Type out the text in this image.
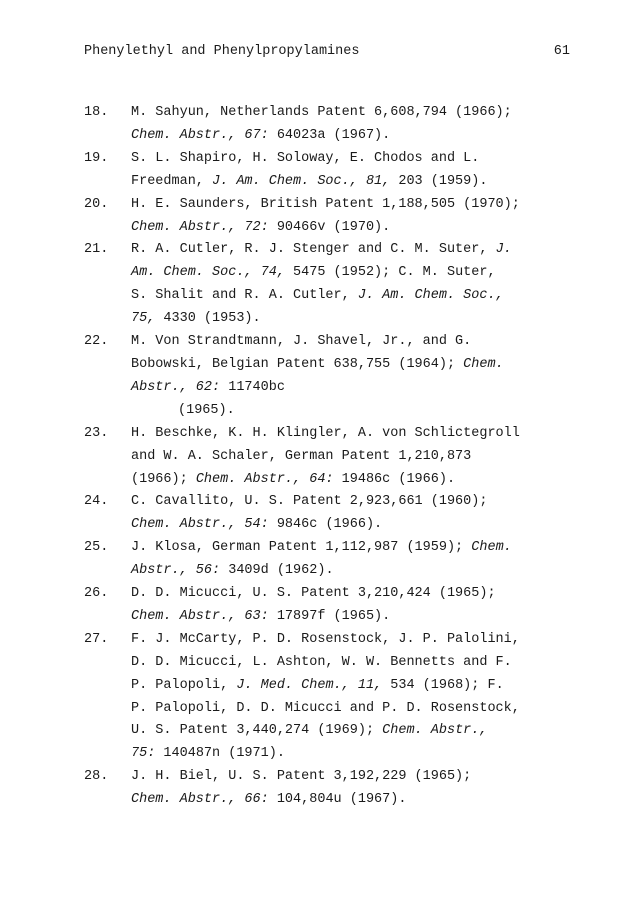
Phenylethyl and Phenylpropylamines	61
18. M. Sahyun, Netherlands Patent 6,608,794 (1966);
Chem. Abstr., 67: 64023a (1967).
19. S. L. Shapiro, H. Soloway, E. Chodos and L.
Freedman, J. Am. Chem. Soc., 81, 203 (1959).
20. H. E. Saunders, British Patent 1,188,505 (1970);
Chem. Abstr., 72: 90466v (1970).
21. R. A. Cutler, R. J. Stenger and C. M. Suter, J.
Am. Chem. Soc., 74, 5475 (1952); C. M. Suter,
S. Shalit and R. A. Cutler, J. Am. Chem. Soc.,
75, 4330 (1953).
22. M. Von Strandtmann, J. Shavel, Jr., and G.
Bobowski, Belgian Patent 638,755 (1964); Chem.
Abstr., 62: 11740bc
(1965).
23. H. Beschke, K. H. Klingler, A. von Schlictegroll
and W. A. Schaler, German Patent 1,210,873
(1966); Chem. Abstr., 64: 19486c (1966).
24. C. Cavallito, U. S. Patent 2,923,661 (1960);
Chem. Abstr., 54: 9846c (1966).
25. J. Klosa, German Patent 1,112,987 (1959); Chem.
Abstr., 56: 3409d (1962).
26. D. D. Micucci, U. S. Patent 3,210,424 (1965);
Chem. Abstr., 63: 17897f (1965).
27. F. J. McCarty, P. D. Rosenstock, J. P. Palolini,
D. D. Micucci, L. Ashton, W. W. Bennetts and F.
P. Palopoli, J. Med. Chem., 11, 534 (1968); F.
P. Palopoli, D. D. Micucci and P. D. Rosenstock,
U. S. Patent 3,440,274 (1969); Chem. Abstr.,
75: 140487n (1971).
28. J. H. Biel, U. S. Patent 3,192,229 (1965);
Chem. Abstr., 66: 104,804u (1967).
